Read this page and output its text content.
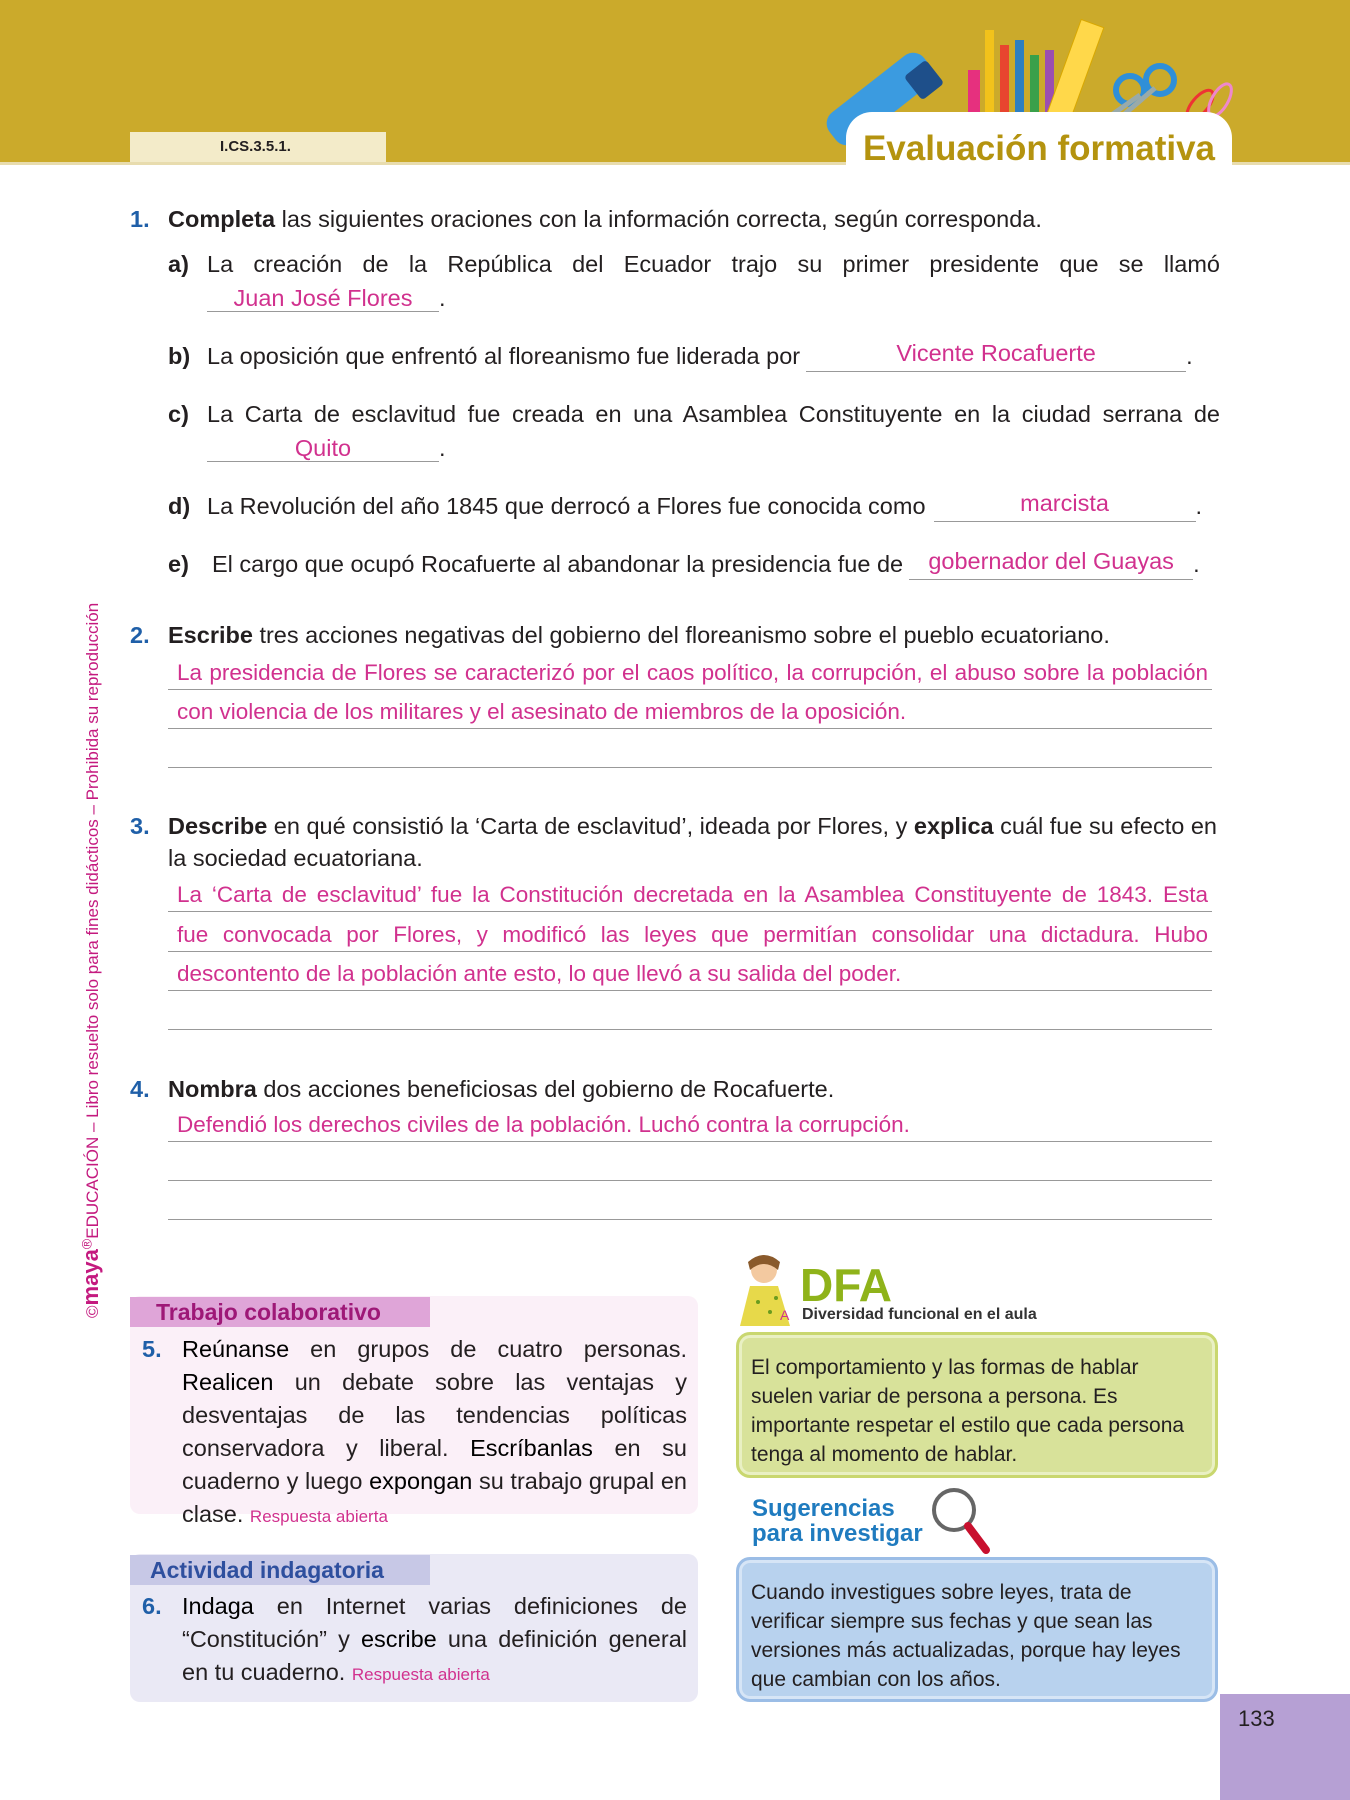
I.CS.3.5.1.	Evaluación formativa
©maya®EDUCACIÓN – Libro resuelto solo para fines didácticos – Prohibida su reproducción
1. Completa las siguientes oraciones con la información correcta, según corresponda.
a) La creación de la República del Ecuador trajo su primer presidente que se llamó
Juan José Flores .
b) La oposición que enfrentó al floreanismo fue liderada por	Vicente Rocafuerte	.
c) La Carta de esclavitud fue creada en una Asamblea Constituyente en la ciudad serrana de
Quito	.
d) La Revolución del año 1845 que derrocó a Flores fue conocida como	marcista	.
e) El cargo que ocupó Rocafuerte al abandonar la presidencia fue de	gobernador del Guayas .
2. Escribe tres acciones negativas del gobierno del floreanismo sobre el pueblo ecuatoriano.
La presidencia de Flores se caracterizó por el caos político, la corrupción, el abuso sobre la población
con violencia de los militares y el asesinato de miembros de la oposición.
3. Describe en qué consistió la ‘Carta de esclavitud’, ideada por Flores, y explica cuál fue su efecto en la sociedad ecuatoriana.
La ‘Carta de esclavitud’ fue la Constitución decretada en la Asamblea Constituyente de 1843. Esta
fue convocada por Flores, y modificó las leyes que permitían consolidar una dictadura. Hubo
descontento de la población ante esto, lo que llevó a su salida del poder.
4. Nombra dos acciones beneficiosas del gobierno de Rocafuerte.
Defendió los derechos civiles de la población. Luchó contra la corrupción.
Trabajo colaborativo
5. Reúnanse en grupos de cuatro personas. Realicen un debate sobre las ventajas y desventajas de las tendencias políticas conservadora y liberal. Escríbanlas en su cuaderno y luego expongan su trabajo grupal en clase. Respuesta abierta
Actividad indagatoria
6. Indaga en Internet varias definiciones de “Constitución” y escribe una definición general en tu cuaderno. Respuesta abierta
A
DFA
Diversidad funcional en el aula
El comportamiento y las formas de hablar suelen variar de persona a persona. Es importante respetar el estilo que cada persona tenga al momento de hablar.
Sugerencias
para investigar
Cuando investigues sobre leyes, trata de verificar siempre sus fechas y que sean las versiones más actualizadas, porque hay leyes que cambian con los años.
133
